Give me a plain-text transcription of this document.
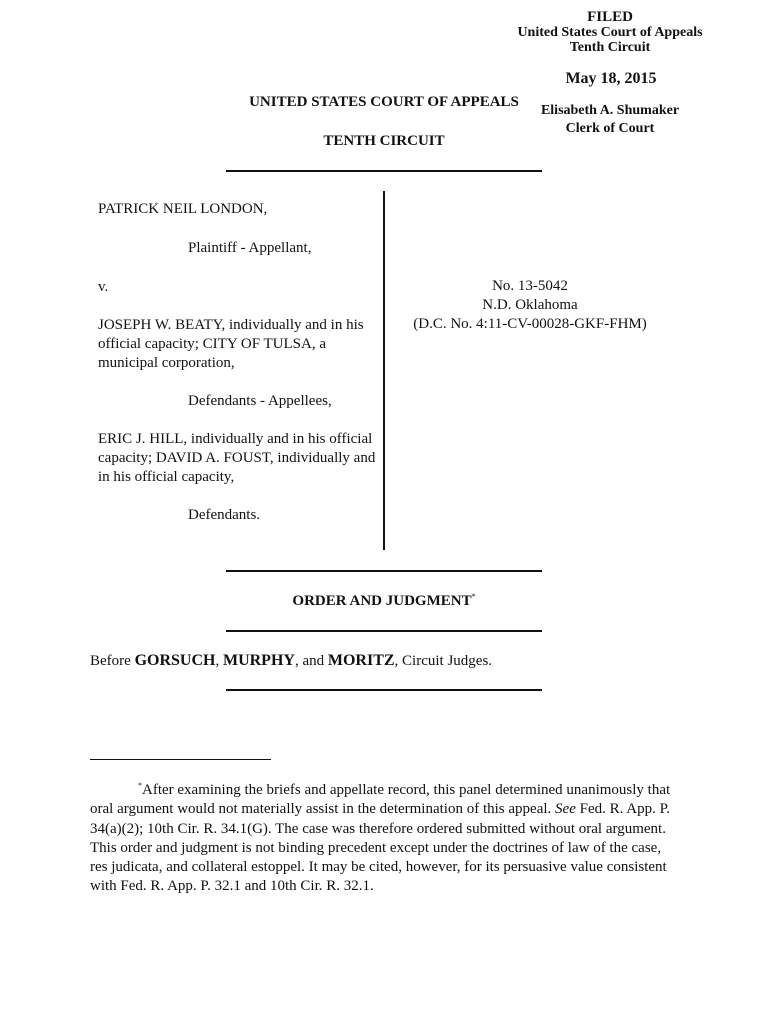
FILED
United States Court of Appeals
Tenth Circuit
May 18, 2015
Elisabeth A. Shumaker
Clerk of Court
UNITED STATES COURT OF APPEALS
TENTH CIRCUIT

PATRICK NEIL LONDON,

Plaintiff - Appellant,

v.

JOSEPH W. BEATY, individually and in his official capacity; CITY OF TULSA, a municipal corporation,

Defendants - Appellees,

ERIC J. HILL, individually and in his official capacity; DAVID A. FOUST, individually and in his official capacity,

Defendants.

No. 13-5042
N.D. Oklahoma
(D.C. No. 4:11-CV-00028-GKF-FHM)
ORDER AND JUDGMENT*
Before GORSUCH, MURPHY, and MORITZ, Circuit Judges.

*After examining the briefs and appellate record, this panel determined unanimously that oral argument would not materially assist in the determination of this appeal. See Fed. R. App. P. 34(a)(2); 10th Cir. R. 34.1(G). The case was therefore ordered submitted without oral argument. This order and judgment is not binding precedent except under the doctrines of law of the case, res judicata, and collateral estoppel. It may be cited, however, for its persuasive value consistent with Fed. R. App. P. 32.1 and 10th Cir. R. 32.1.
